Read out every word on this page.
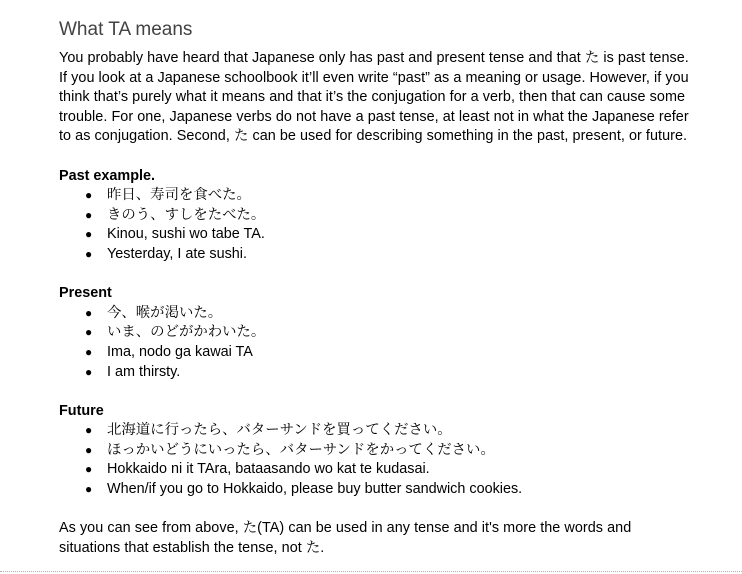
What TA means

You probably have heard that Japanese only has past and present tense and that た is past tense. If you look at a Japanese schoolbook it’ll even write “past” as a meaning or usage. However, if you think that’s purely what it means and that it’s the conjugation for a verb, then that can cause some trouble. For one, Japanese verbs do not have a past tense, at least not in what the Japanese refer to as conjugation. Second, た can be used for describing something in the past, present, or future.

Past example.

● 昨日、寿司を食べた。
● きのう、すしをたべた。
● Kinou, sushi wo tabe TA.
● Yesterday, I ate sushi.

Present

● 今、喉が渇いた。
● いま、のどがかわいた。
● Ima, nodo ga kawai TA
● I am thirsty.

Future

● 北海道に行ったら、バターサンドを買ってください。
● ほっかいどうにいったら、バターサンドをかってください。
● Hokkaido ni it TAra, bataasando wo kat te kudasai.
● When/if you go to Hokkaido, please buy butter sandwich cookies.

As you can see from above, た(TA) can be used in any tense and it's more the words and situations that establish the tense, not た.
